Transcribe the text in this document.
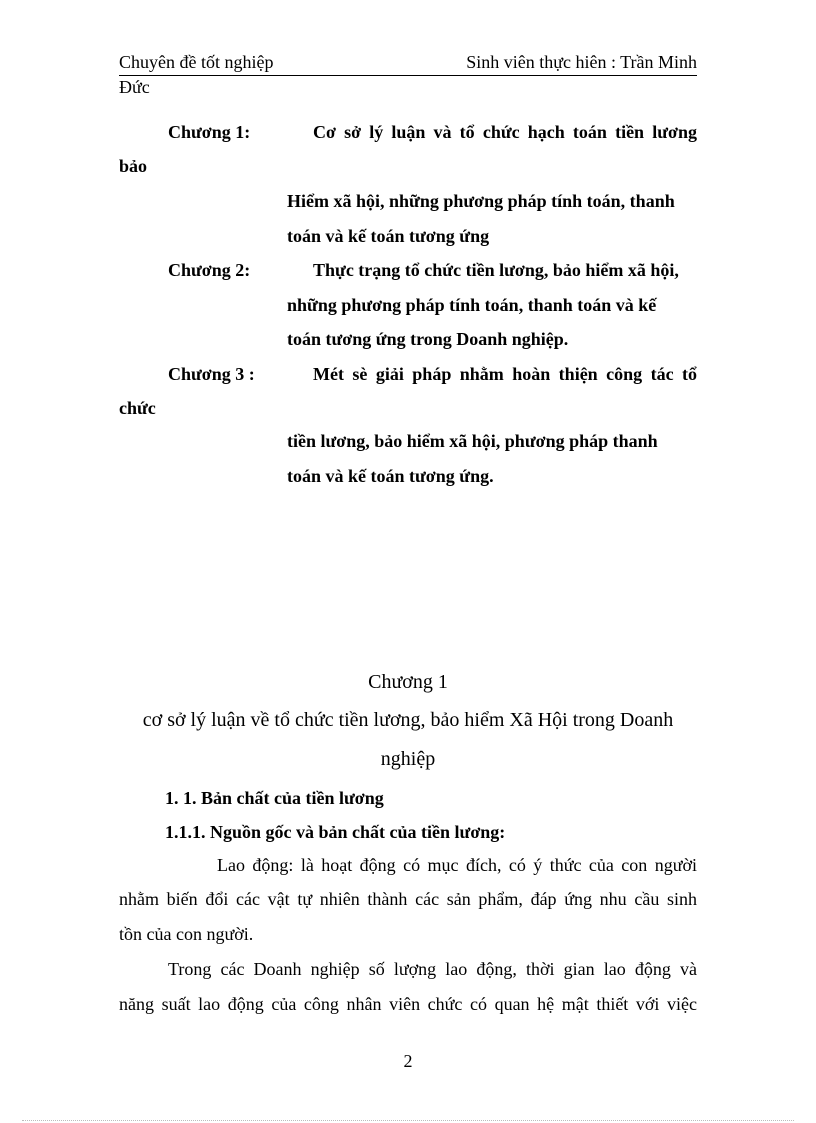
Chuyên đề tốt nghiệp	Sinh viên thực hiên : Trần Minh
Đức
Chương 1:	Cơ sở lý luận và tổ chức hạch toán tiền lương
bảo
Hiểm xã hội, những phương pháp tính toán, thanh
toán và kế toán tương ứng
Chương 2:	Thực trạng tổ chức tiền lương, bảo hiểm xã hội,
những phương pháp tính toán, thanh toán và kế
toán tương ứng trong Doanh nghiệp.
Chương 3 :	Mét sè giải pháp nhằm hoàn thiện công tác tổ
chức
tiền lương, bảo hiểm xã hội, phương pháp thanh
toán và kế toán tương ứng.
Chương 1
cơ sở lý luận về tổ chức tiền lương, bảo hiểm Xã Hội trong Doanh
nghiệp
1. 1. Bản chất của tiền lương
1.1.1. Nguồn gốc và bản chất của tiền lương:
Lao động: là hoạt động có mục đích, có ý thức của con người
nhằm biến đổi các vật tự nhiên thành các sản phẩm, đáp ứng nhu cầu sinh
tồn của con người.
Trong các Doanh nghiệp số lượng lao động, thời gian lao động và
năng suất lao động của công nhân viên chức có quan hệ mật thiết với việc
2
